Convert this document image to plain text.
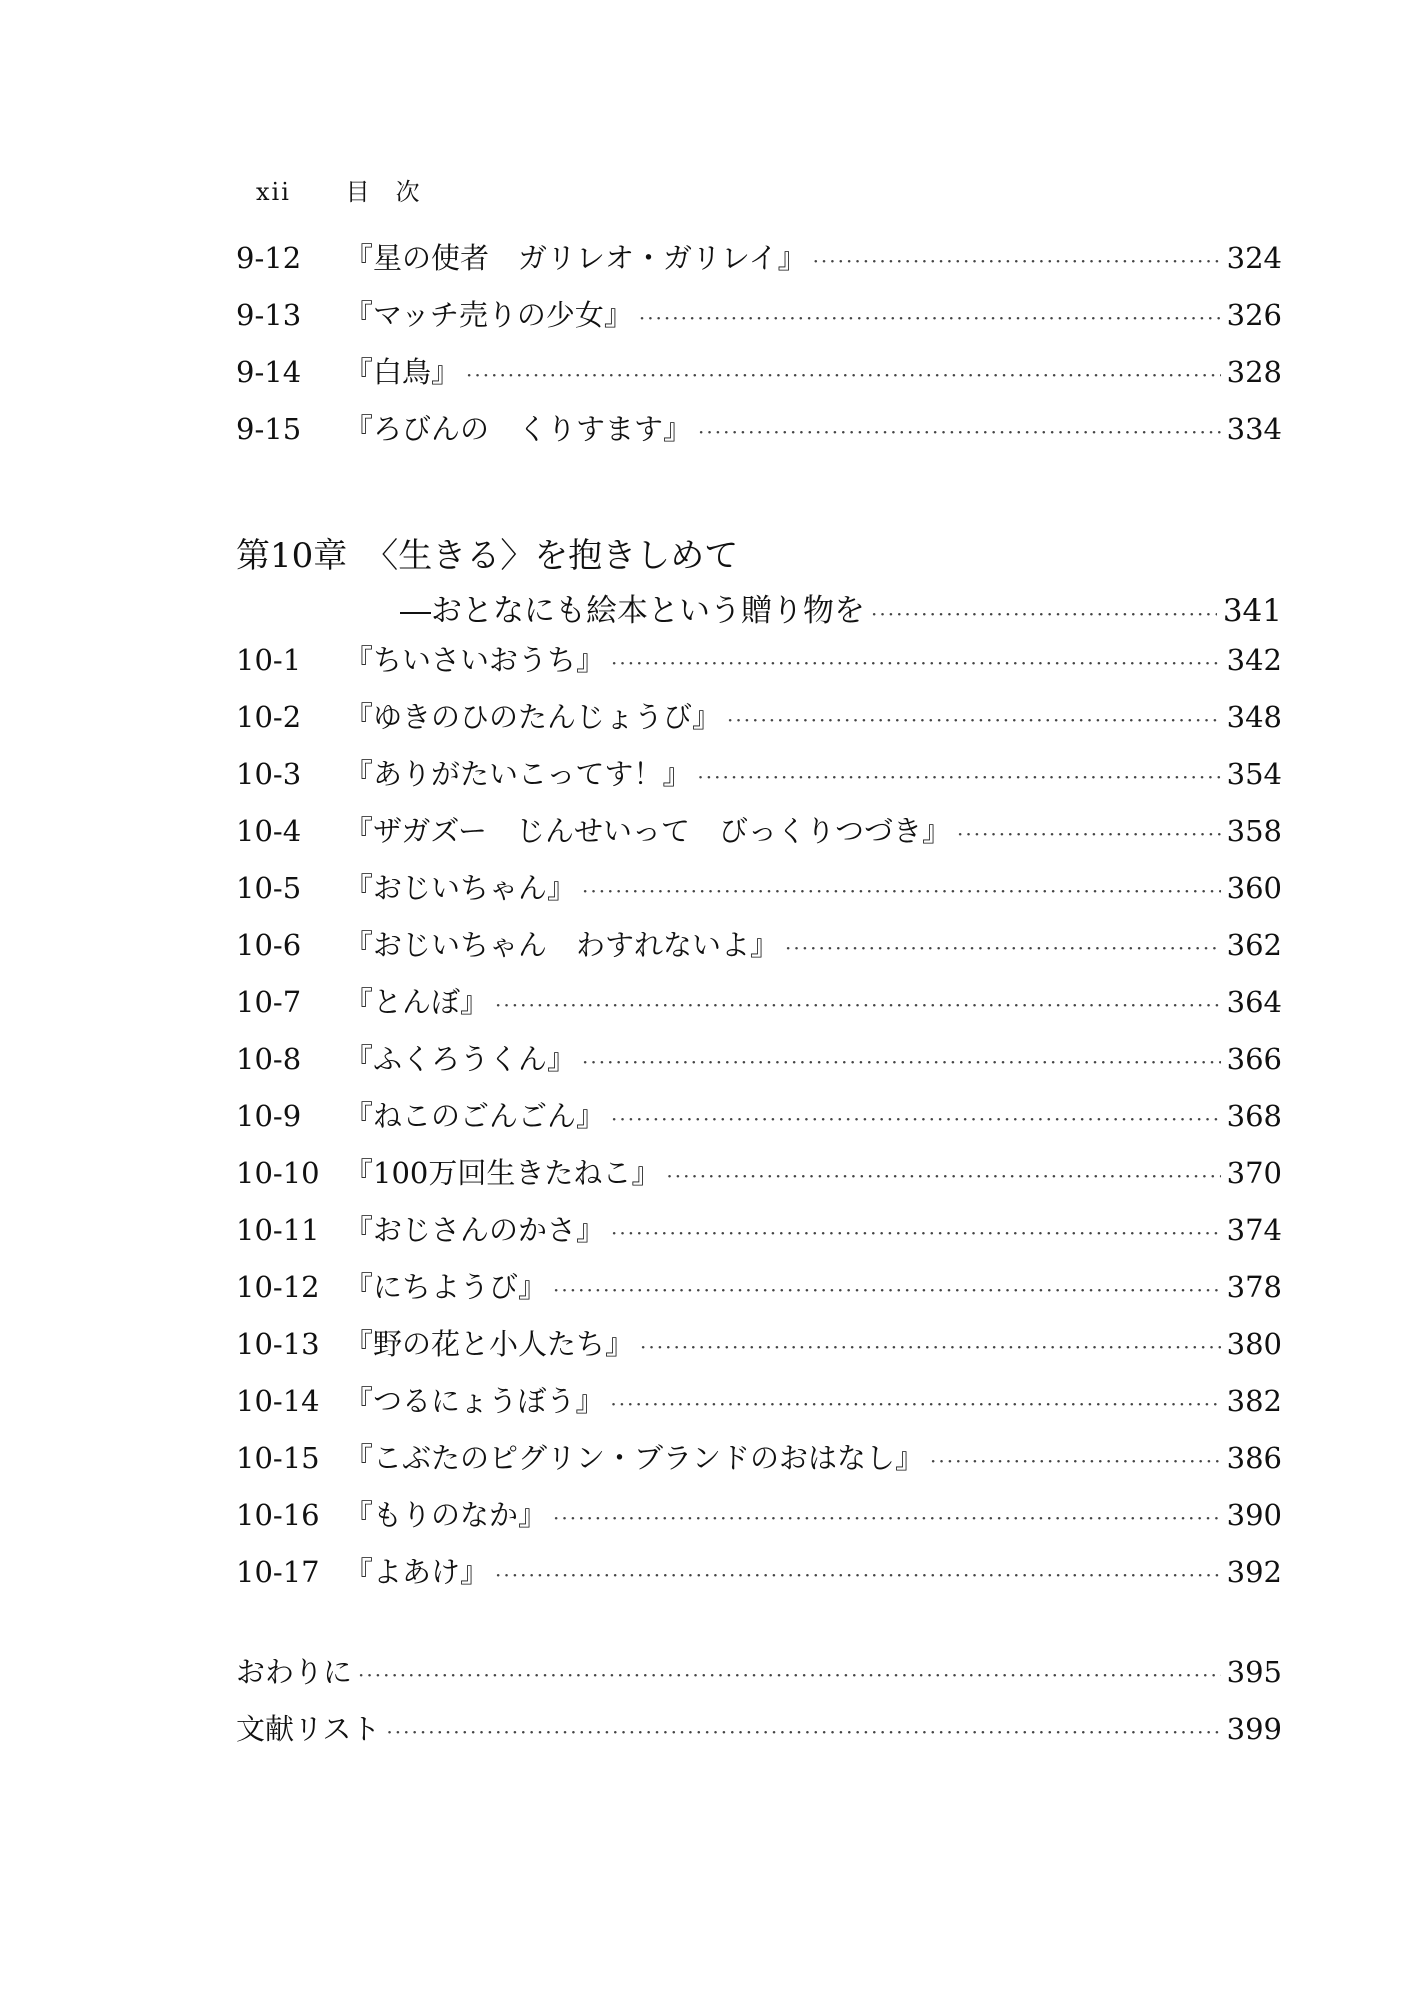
xii 目次
9-12	『星の使者　ガリレオ・ガリレイ』 ·····	324
9-13	『マッチ売りの少女』 ·····	326
9-14	『白鳥』 ·····	328
9-15	『ろびんの　くりすます』 ·····	334
第10章　〈生きる〉を抱きしめて
―おとなにも絵本という贈り物を ·····	341
10-1	『ちいさいおうち』 ·····	342
10-2	『ゆきのひのたんじょうび』 ·····	348
10-3	『ありがたいこってす！』 ·····	354
10-4	『ザガズー　じんせいって　びっくりつづき』 ·····	358
10-5	『おじいちゃん』 ·····	360
10-6	『おじいちゃん　わすれないよ』 ·····	362
10-7	『とんぼ』 ·····	364
10-8	『ふくろうくん』 ·····	366
10-9	『ねこのごんごん』 ·····	368
10-10 『100万回生きたねこ』 ·····	370
10-11 『おじさんのかさ』 ·····	374
10-12 『にちようび』 ·····	378
10-13 『野の花と小人たち』 ·····	380
10-14 『つるにょうぼう』 ·····	382
10-15 『こぶたのピグリン・ブランドのおはなし』 ·····	386
10-16 『もりのなか』 ·····	390
10-17 『よあけ』 ·····	392
おわりに ·····	395
文献リスト ·····	399
